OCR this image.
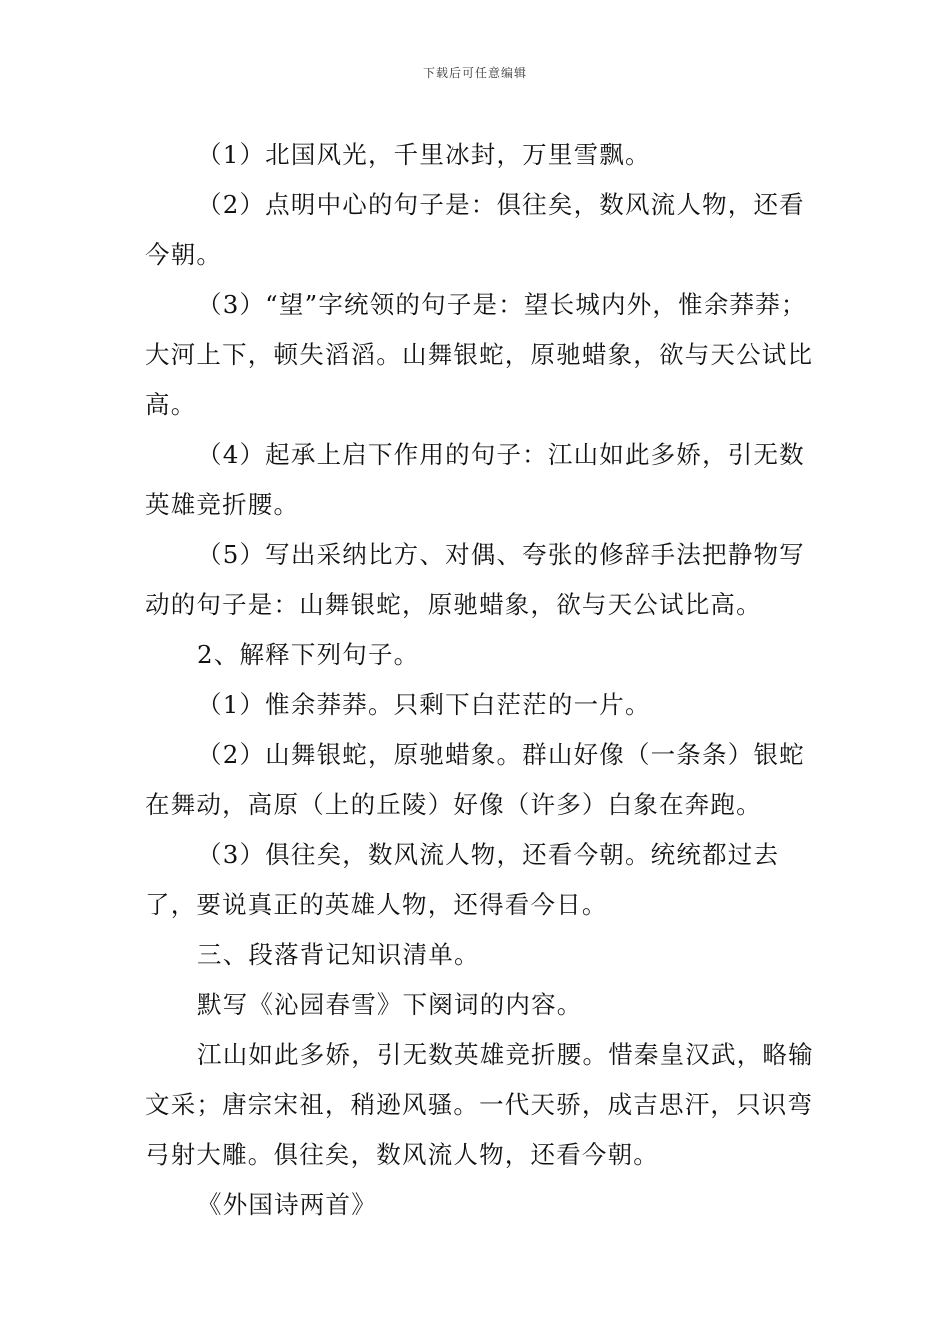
下载后可任意编辑

（1）北国风光，千里冰封，万里雪飘。

（2）点明中心的句子是：俱往矣，数风流人物，还看今朝。

（3）“望”字统领的句子是：望长城内外，惟余莽莽；大河上下，顿失滔滔。山舞银蛇，原驰蜡象，欲与天公试比高。

（4）起承上启下作用的句子：江山如此多娇，引无数英雄竞折腰。

（5）写出采纳比方、对偶、夸张的修辞手法把静物写动的句子是：山舞银蛇，原驰蜡象，欲与天公试比高。

2、解释下列句子。

（1）惟余莽莽。只剩下白茫茫的一片。

（2）山舞银蛇，原驰蜡象。群山好像（一条条）银蛇在舞动，高原（上的丘陵）好像（许多）白象在奔跑。

（3）俱往矣，数风流人物，还看今朝。统统都过去了，要说真正的英雄人物，还得看今日。

三、段落背记知识清单。

默写《沁园春雪》下阕词的内容。

江山如此多娇，引无数英雄竞折腰。惜秦皇汉武，略输文采；唐宗宋祖，稍逊风骚。一代天骄，成吉思汗，只识弯弓射大雕。俱往矣，数风流人物，还看今朝。

《外国诗两首》
